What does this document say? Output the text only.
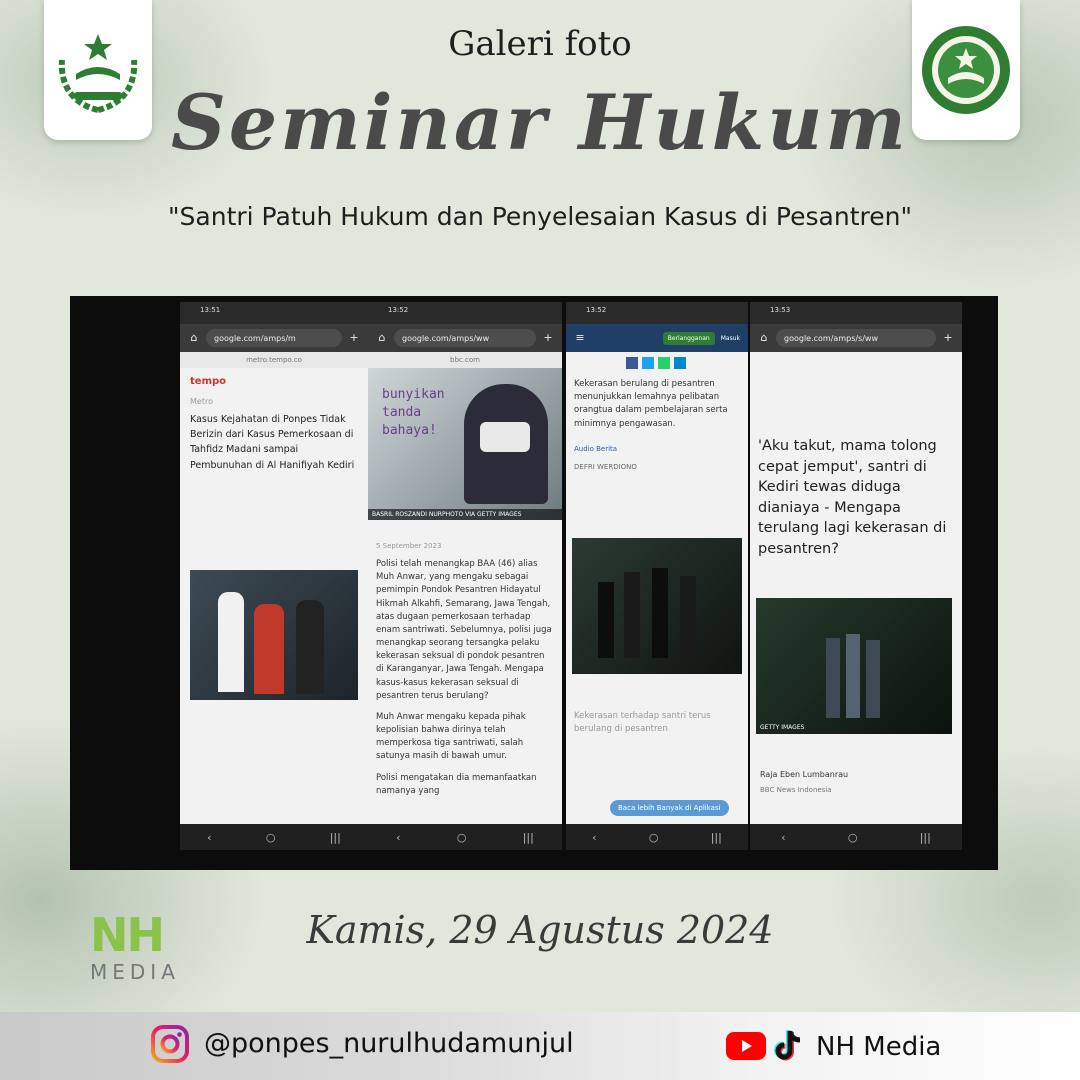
Galeri foto
Seminar Hukum
"Santri Patuh Hukum dan Penyelesaian Kasus di Pesantren"
13:51
⌂	google.com/amps/m	+
metro.tempo.co
tempo
Metro
Kasus Kejahatan di Ponpes Tidak Berizin dari Kasus Pemerkosaan di Tahfidz Madani sampai Pembunuhan di Al Hanifiyah Kediri
‹	○	|||
13:52
⌂	google.com/amps/ww	+
bbc.com
bunyikan tanda bahaya!
BASRIL ROSZANDI NURPHOTO VIA GETTY IMAGES
5 September 2023
Polisi telah menangkap BAA (46) alias Muh Anwar, yang mengaku sebagai pemimpin Pondok Pesantren Hidayatul Hikmah Alkahfi, Semarang, Jawa Tengah, atas dugaan pemerkosaan terhadap enam santriwati. Sebelumnya, polisi juga menangkap seorang tersangka pelaku kekerasan seksual di pondok pesantren di Karanganyar, Jawa Tengah. Mengapa kasus-kasus kekerasan seksual di pesantren terus berulang?
Muh Anwar mengaku kepada pihak kepolisian bahwa dirinya telah memperkosa tiga santriwati, salah satunya masih di bawah umur.
Polisi mengatakan dia memanfaatkan namanya yang
‹	○	|||
13:52
≡	Berlangganan	Masuk
Kekerasan berulang di pesantren menunjukkan lemahnya pelibatan orangtua dalam pembelajaran serta minimnya pengawasan.
Audio Berita
DEFRI WERDIONO
Kekerasan terhadap santri terus berulang di pesantren
Baca lebih Banyak di Aplikasi
‹	○	|||
13:53
⌂	google.com/amps/s/ww	+
'Aku takut, mama tolong cepat jemput', santri di Kediri tewas diduga dianiaya - Mengapa terulang lagi kekerasan di pesantren?
GETTY IMAGES
Raja Eben Lumbanrau
BBC News Indonesia
‹	○	|||
NH
MEDIA
Kamis, 29 Agustus 2024
@ponpes_nurulhudamunjul	NH Media
